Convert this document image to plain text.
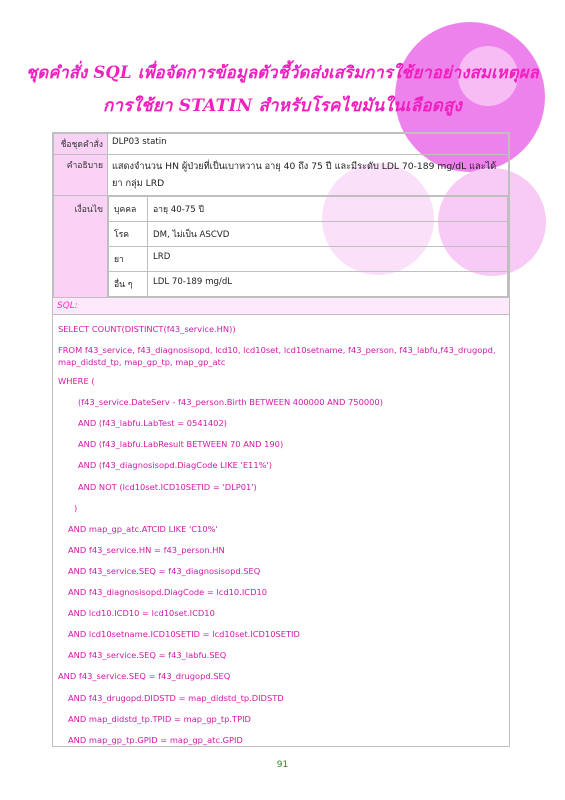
ชุดคำสั่ง SQL เพื่อจัดการข้อมูลตัวชี้วัดส่งเสริมการใช้ยาอย่างสมเหตุผล
การใช้ยา STATIN สำหรับโรคไขมันในเลือดสูง
ชื่อชุดคำสั่ง	DLP03 statin
คำอธิบาย	แสดงจำนวน HN ผู้ป่วยที่เป็นเบาหวาน อายุ 40 ถึง 75 ปี และมีระดับ LDL 70-189 mg/dL และได้ยา กลุ่ม LRD
เงื่อนไข	บุคคล	อายุ 40-75 ปี
โรค	DM, ไม่เป็น ASCVD
ยา	LRD
อื่น ๆ	LDL 70-189 mg/dL
SQL:
SELECT COUNT(DISTINCT(f43_service.HN))
FROM f43_service, f43_diagnosisopd, lcd10, lcd10set, lcd10setname, f43_person, f43_labfu,f43_drugopd, map_didstd_tp, map_gp_tp, map_gp_atc
WHERE (
(f43_service.DateServ - f43_person.Birth BETWEEN 400000 AND 750000)
AND (f43_labfu.LabTest = 0541402)
AND (f43_labfu.LabResult BETWEEN 70 AND 190)
AND (f43_diagnosisopd.DiagCode LIKE 'E11%')
AND NOT (lcd10set.ICD10SETID = 'DLP01')
)
AND map_gp_atc.ATCID LIKE 'C10%'
AND f43_service.HN = f43_person.HN
AND f43_service.SEQ = f43_diagnosisopd.SEQ
AND f43_diagnosisopd.DiagCode = lcd10.ICD10
AND lcd10.ICD10 = lcd10set.ICD10
AND lcd10setname.ICD10SETID = lcd10set.ICD10SETID
AND f43_service.SEQ = f43_labfu.SEQ
AND f43_service.SEQ = f43_drugopd.SEQ
AND f43_drugopd.DIDSTD = map_didstd_tp.DIDSTD
AND map_didstd_tp.TPID = map_gp_tp.TPID
AND map_gp_tp.GPID = map_gp_atc.GPID
91
